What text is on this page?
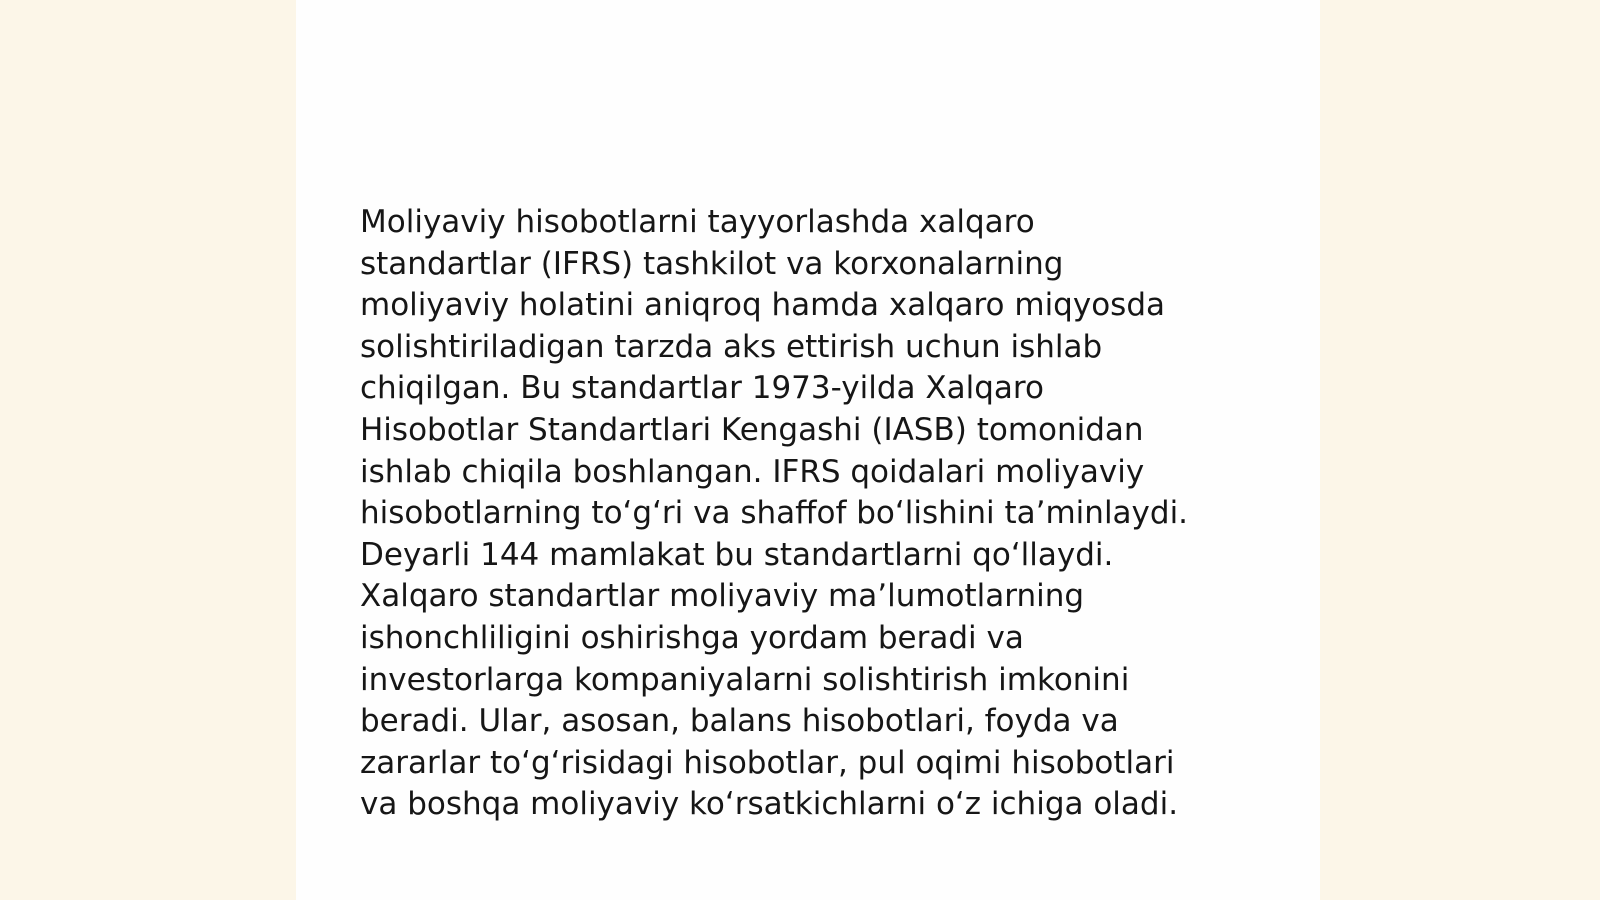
Moliyaviy hisobotlarni tayyorlashda xalqaro
standartlar (IFRS) tashkilot va korxonalarning
moliyaviy holatini aniqroq hamda xalqaro miqyosda
solishtiriladigan tarzda aks ettirish uchun ishlab
chiqilgan. Bu standartlar 1973-yilda Xalqaro
Hisobotlar Standartlari Kengashi (IASB) tomonidan
ishlab chiqila boshlangan. IFRS qoidalari moliyaviy
hisobotlarning to‘g‘ri va shaffof bo‘lishini ta’minlaydi.
Deyarli 144 mamlakat bu standartlarni qo‘llaydi.
Xalqaro standartlar moliyaviy ma’lumotlarning
ishonchliligini oshirishga yordam beradi va
investorlarga kompaniyalarni solishtirish imkonini
beradi. Ular, asosan, balans hisobotlari, foyda va
zararlar to‘g‘risidagi hisobotlar, pul oqimi hisobotlari
va boshqa moliyaviy ko‘rsatkichlarni o‘z ichiga oladi.
